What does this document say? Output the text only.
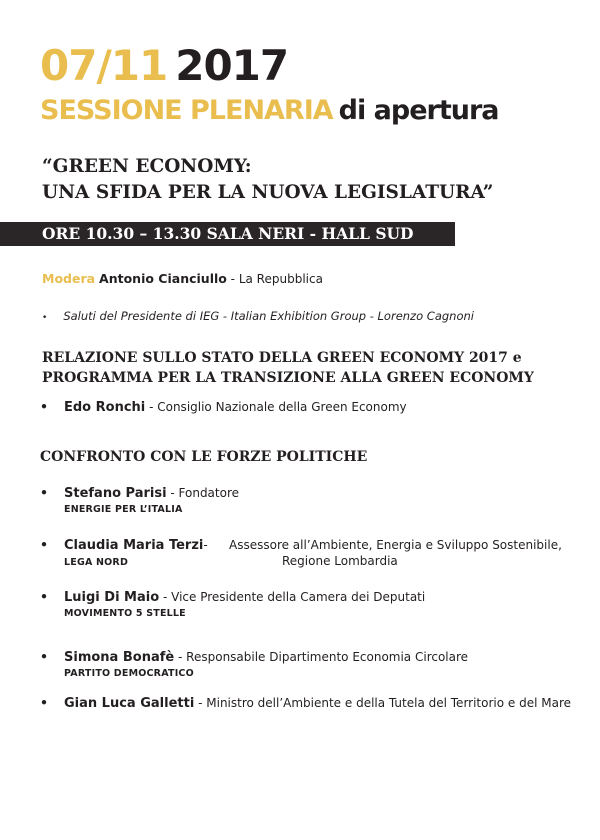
07/11 2017
SESSIONE PLENARIA di apertura
“GREEN ECONOMY:
UNA SFIDA PER LA NUOVA LEGISLATURA”
ORE 10.30 – 13.30 SALA NERI - HALL SUD
Modera Antonio Cianciullo - La Repubblica
• Saluti del Presidente di IEG - Italian Exhibition Group - Lorenzo Cagnoni
RELAZIONE SULLO STATO DELLA GREEN ECONOMY 2017 e
PROGRAMMA PER LA TRANSIZIONE ALLA GREEN ECONOMY
• Edo Ronchi - Consiglio Nazionale della Green Economy
CONFRONTO CON LE FORZE POLITICHE
• Stefano Parisi - Fondatore
ENERGIE PER L’ITALIA
• Claudia Maria Terzi- Assessore all’Ambiente, Energia e Sviluppo Sostenibile,
Regione Lombardia
LEGA NORD
• Luigi Di Maio - Vice Presidente della Camera dei Deputati
MOVIMENTO 5 STELLE
• Simona Bonafè - Responsabile Dipartimento Economia Circolare
PARTITO DEMOCRATICO
• Gian Luca Galletti - Ministro dell’Ambiente e della Tutela del Territorio e del Mare
